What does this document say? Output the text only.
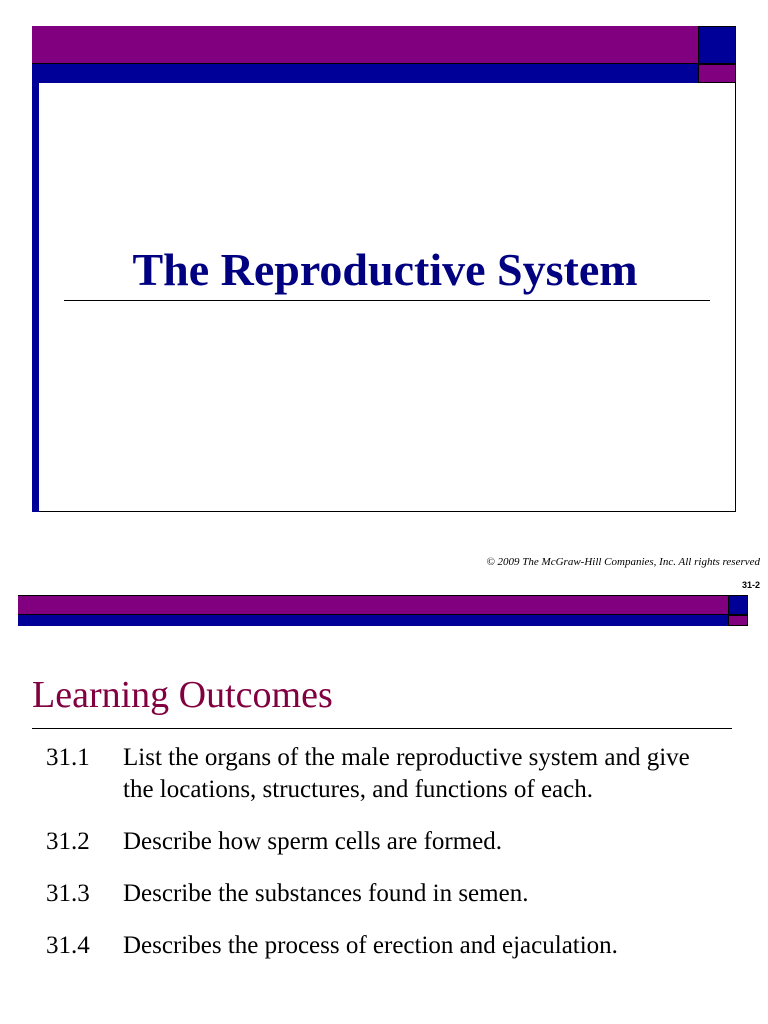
The Reproductive System
© 2009 The McGraw-Hill Companies, Inc. All rights reserved
31-2
Learning Outcomes
31.1	List the organs of the male reproductive system and give the locations, structures, and functions of each.
31.2	Describe how sperm cells are formed.
31.3	Describe the substances found in semen.
31.4	Describes the process of erection and ejaculation.
